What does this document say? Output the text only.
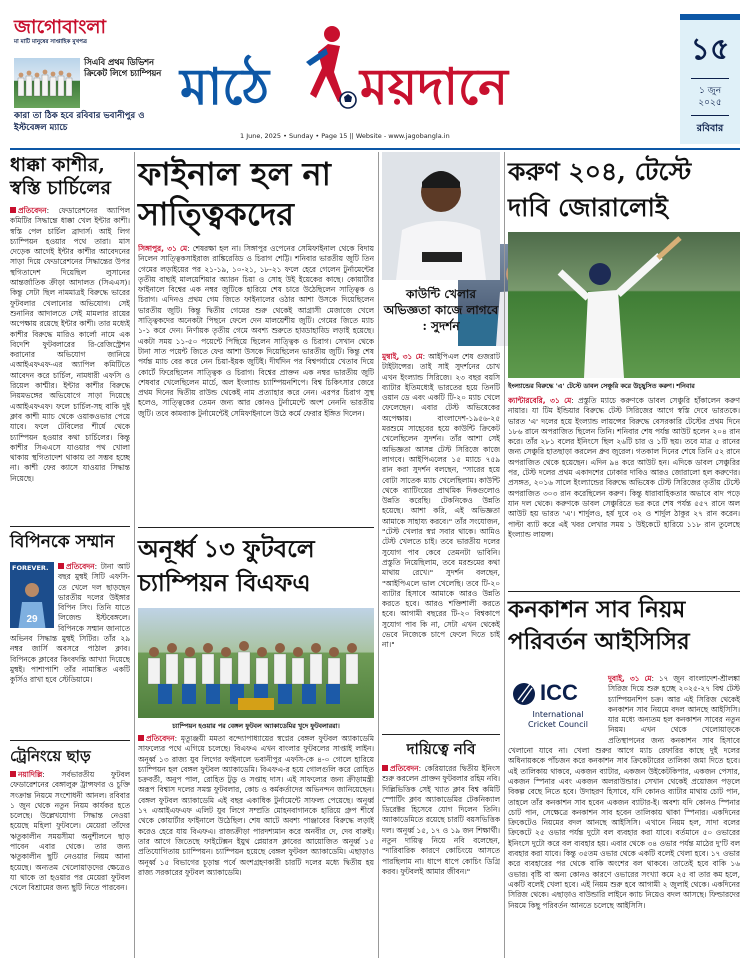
জাগোবাংলা
মা মাটি মানুষের সাপ্তাহিক মুখপত্র
সিএবি প্রথম ডিভিশন ক্রিকেট লিগে চ্যাম্পিয়ন
কারা তা ঠিক হবে রবিবার ভবানীপুর ও ইস্টবেঙ্গল ম্যাচে
মাঠে ময়দানে
1 June, 2025 • Sunday • Page 15 || Website - www.jagobangla.in
১৫
১ জুন ২০২৫
রবিবার
ধাক্কা কাশীর, স্বস্তি চার্চিলের
প্রতিবেদন: ফেডারেশনের অ্যাপিল কমিটির সিদ্ধান্তে ধাক্কা খেল ইন্টার কাশী। স্বস্তি পেল চার্চিল ব্রাদার্স। আই লিগ চ্যাম্পিয়ন হওয়ার পথে তারা। মাস দেড়েক আগেই ইন্টার কাশীর আবেদনের সাড়া দিয়ে ফেডারেশনের সিদ্ধান্তের উপর স্থগিতাদেশ দিয়েছিল লুসানের আন্তর্জাতিক ক্রীড়া আদালত (সিএএস)। কিন্তু সেটা ছিল নামমাত্রই বিরুদ্ধে ভারের ফুটবলার খেলানোর অভিযোগ। সেই শুনানির আদালতে সেই মামলার রায়ের অপেক্ষায় রয়েছে ইন্টার কাশী। তার মধ্যেই কাশীর বিরুদ্ধে মারিও কার্লো নামে এক বিদেশি ফুটবলারের রি-রেজিস্ট্রেশন করানোর অভিযোগ জানিয়ে এআইএফএফ-এর অ্যাপিল কমিটিতে আবেদন করে চার্চিল, নামধারী এফসি ও রিয়েল কাশ্মীর। ইন্টার কাশীর বিরুদ্ধে নিয়মভঙ্গের অভিযোগে সাড়া দিয়েছে এআইএফএফ। ফলে চার্চিল-সহ বাকি দুই ক্লাব কাশী ম্যাচ থেকে ওয়াকওভার পেয়ে যাবে। ফলে টেবিলের শীর্ষে থেকে চ্যাম্পিয়ন হওয়ার কথা চার্চিলের। কিন্তু কাশীর সিএএসে যাওয়ার পথ খোলা থাকায় স্থগিতাদেশ থাকায় তা সম্ভব হচ্ছে না। কাশী ফের ক্যাসে যাওয়ার সিদ্ধান্ত নিয়েছে।
বিপিনকে সম্মান
FOREVER.
29
প্রতিবেদন: টানা আট বছর মুম্বই সিটি এফসি-তে খেলে দল ছাড়ছেন ভারতীয় দলের উইঙ্গার বিপিন সিং। তিনি যাতে লিজেন্ড ইস্টবেঙ্গলে। বিপিনকে সম্মান জানাতে অভিনব সিদ্ধান্ত মুম্বই সিটির। তাঁর ২৯ নম্বর জার্সি অবসরে পাঠাল ক্লাব। বিপিনকে ক্লাবের কিংবদন্তি আখ্যা দিয়েছে মুম্বই। পাশাপাশি তাঁর নামাঙ্কিত একটি কুর্সিও রাখা হবে স্টেডিয়ামে।
ট্রেনিংয়ে ছাড়
নয়াদিল্লি: সর্বভারতীয় ফুটবল ফেডারেশনের বেঙ্গালুরু ট্রান্সফার ও চুক্তি সংক্রান্ত নিয়মে সংশোধনী আনল। রবিবার ১ জুন থেকে নতুন নিয়ম কার্যকর হতে চলেছে। উল্লেখযোগ্য সিদ্ধান্ত নেওয়া হয়েছে মহিলা ফুটবলে। মেয়েরা তাঁদের ঋতুকালীন সময়সীমা অনুশীলনে ছাড় পাবেন এবার থেকে। তার জন্য ঋতুকালীন ছুটি নেওয়ার নিয়ম আনা হয়েছে। অন্যতম খেলোয়াড়দের ক্ষেত্রেও যা থাকে তা হওয়ার পর মেয়েরা ফুটবল খেলে বিশ্রামের জন্য ছুটি নিতে পারবেন।
ফাইনাল হল না সাত্ত্বিকদের
সিঙ্গাপুর, ৩১ মে: শেষরক্ষা হল না। সিঙ্গাপুর ওপেনের সেমিফাইনাল থেকে বিদায় নিলেন সাত্ত্বিকসাইরাজ রাঙ্কিরেড্ডি ও চিরাগ শেট্টি। শনিবার ভারতীয় জুটি তিন গেমের লড়াইয়ের পর ২১-১৯, ১০-২১, ১৮-২১ ফলে হেরে গেলেন টুর্নামেন্টের তৃতীয় বাছাই মালয়েশিয়ার অ্যারন চিয়া ও সোহ উই ইয়েকের কাছে। কোয়ার্টার ফাইনালে বিশ্বের এক নম্বর জুটিকে হারিয়ে শেষ চারে উঠেছিলেন সাত্ত্বিক ও চিরাগ। এদিনও প্রথম গেম জিতে ফাইনালের ওঠার আশা উসকে দিয়েছিলেন ভারতীয় জুটি। কিন্তু দ্বিতীয় গেমের শুরু থেকেই আগ্রাসী মেজাজে খেলে সাত্ত্বিকদের অনেকটা পিছনে ফেলে দেন মালয়েশীয় জুটি। গেমের জিতে ম্যাচ ১-১ করে দেন। নির্ণায়ক তৃতীয় গেমে অবশ্য শুরুতে হাড্ডাহাড্ডি লড়াই হয়েছে। একটা সময় ১১-৫০ পয়েন্টে পিছিয়ে ছিলেন সাত্ত্বিক ও চিরাগ। সেখান থেকে টানা সাত পয়েন্ট জিতে ফের আশা উসকে দিয়েছিলেন ভারতীয় জুটি। কিন্তু শেষ পর্যন্ত ম্যাচ বের করে নেন চিয়া-ইয়ক জুটিই। দীর্ঘদিন পর বিশ্বপর্যায়ে খেতাব দিয়ে কোর্টে ফিরেছিলেন সাত্ত্বিক ও চিরাগ। বিশ্বের প্রাক্তন এক নম্বর ভারতীয় জুটি শেষবার খেলেছিলেন মার্চে, অল ইংল্যান্ড চ্যাম্পিয়নশিপে। বিশ্ব চিকিৎসার জেরে প্রথম দিনের দ্বিতীয় রাউন্ড থেকেই নাম প্রত্যাহার করে নেন। এরপর চিরাগ সুস্থ হলেও, সাত্ত্বিকের তেমন জন্য আর কোনও টুর্নামেন্টে অংশ নেননি ভারতীয় জুটি। তবে কামব্যাক টুর্নামেন্টেই সেমিফাইনালে উঠে কর্মে ফেরার ইঙ্গিত দিলেন।
কাউন্টি খেলার অভিজ্ঞতা কাজে লাগবে : সুদর্শন
মুম্বাই, ৩১ মে: আইপিএল শেষ গুজরাট টাইটান্সের। তাই সাই সুদর্শনের চোখ এখন ইংল্যান্ড সিরিজে। ২৩ বছর বয়সি ব্যাটার ইতিমধ্যেই ভারতের হয়ে তিনটি ওয়ান ডে এবং একটি টি-২০ ম্যাচ খেলে ফেলেছেন। এবার টেস্ট অভিষেকের অপেক্ষায়। বাংলাদেশ-১৯৫৬-২৫ মরশুমে সাহেবের হয়ে কাউন্টি ক্রিকেট খেলেছিলেন সুদর্শন। তাঁর আশা সেই অভিজ্ঞতা আসন্ন টেস্ট সিরিজে কাজে লাগবে। আইপিএলের ১৫ ম্যাচে ৭৫৯ রান করা সুদর্শন বলছেন, "সারের হয়ে বোটা সাতেক ম্যাচ খেলেছিলাম। কাউন্টি থেকে ব্যাটিংয়ের প্রাথমিক দিকগুলোও উন্নতি করেছি। টেকনিকেও উন্নতি হয়েছে। আশা করি, এই অভিজ্ঞতা আমাকে সাহায্য করবে।" তাঁর সংযোজন, "টেস্ট খেলার স্বপ্ন সবার থাকে। আমিও টেস্ট খেলতে চাই। তবে ভারতীয় দলের সুযোগ পাব কেবে তেমনটা ভাবিনি। প্রস্তুতি নিয়েছিলাম, তবে মরশুমের কথা মাথায় রেখে।" সুদর্শন বলছেন, "আইপিএলে ভাল খেলেছি। তবে টি-২০ ব্যাটার হিসাবে আমাকে আরও উন্নতি করতে হবে। আরও শক্তিশালী করতে হবে। আগামী বছরের টি-২০ বিশ্বকাপে সুযোগ পাব কি না, সেটা এখন থেকেই ভেবে নিজেকে চাপে ফেলে দিতে চাই না।"
দায়িত্বে নবি
প্রতিবেদন: কেরিয়ারের দ্বিতীয় ইনিংস শুরু করলেন প্রাক্তন ফুটবলার রহিম নবি। দিল্লিভিত্তিক সেই খ্যাত ক্লাব বিশ্ব কমিটি স্পোর্টিং ক্লাব অ্যাকাডেমির টেকনিক্যাল ডিরেক্টর হিসেবে যোগ দিলেন তিনি। অ্যাকাডেমিতে রয়েছে চারটি বয়সভিত্তিক দল। অনূর্ধ্ব ১৫, ১৭ ও ১৯ জন শিক্ষার্থী। নতুন দায়িত্ব নিয়ে নবি বলেছেন, "দারিবারিক কারণে কোচিংয়ে আসতে পারছিলাম না। ধাপে ধাপে কোচিং ডিগ্রি করব। ফুটবলই আমার জীবন।"
অনূর্ধ্ব ১৩ ফুটবলে চ্যাম্পিয়ন বিএফএ
চ্যাম্পিয়ন হওয়ার পর বেঙ্গল ফুটবল অ্যাকাডেমির খুদে ফুটবলাররা।
প্রতিবেদন: মৃত্যুঞ্জয়ী মমতা বন্দ্যোপাধ্যায়ের স্বপ্নের বেঙ্গল ফুটবল অ্যাকাডেমি সাফল্যের পথে এগিয়ে চলেছে। বিএফএ এখন বাংলার ফুটবলের সাপ্তাই লাইন। অনূর্ধ্ব ১৩ রাজ্য যুব লিগের ফাইনালে ভবানীপুর এফসি-কে ৪-০ গোলে হারিয়ে চ্যাম্পিয়ন হল বেঙ্গল ফুটবল অ্যাকাডেমি। বিএফএ-র হয়ে গোলগুলি করে রোহিত চক্রবর্তী, অনুপ পাল, রোহিত টুডু ও সপ্তাহ দাস। এই সাফল্যের জন্য ক্রীড়ামন্ত্রী অরূপ বিশ্বাস দলের সমস্ত ফুটবলার, কোচ ও কর্মকর্তাদের অভিনন্দন জানিয়েছেন। বেঙ্গল ফুটবল অ্যাকাডেমি এই বছর একাধিক টুর্নামেন্টে সাফল্য পেয়েছে। অনূর্ধ্ব ১৭ এআইএফএফ এলিট যুব লিগে সম্প্রতি মোহনবাগানকে হারিয়ে গ্রুপ শীর্ষে থেকে কোয়ার্টার ফাইনালে উঠেছিল। শেষ আটে অবশ্য পাঞ্জাবের বিরুদ্ধে লড়াই করেও হেরে যায় বিএফএ। রাজ্যক্রীড়া পারদশ্যমান করে অনবীর দে, দেব বারুই। তার আগে জিতেছে ফাইটেক্সন ইয়ুথ প্লেয়ারস ক্লাবের আয়োজিত অনূর্ধ্ব ১৫ প্রতিযোগিতায় চ্যাম্পিয়ন। চ্যাম্পিয়ন হয়েছে বেঙ্গল ফুটবল অ্যাকাডেমি। এছাড়াও অনূর্ধ্ব ১৫ বিভাগের চূড়ান্ত পর্বে অংশগ্রহণকারী চারটি দলের মধ্যে দ্বিতীয় হয় রাজ্য সরকারের ফুটবল অ্যাকাডেমি।
করুণ ২০৪, টেস্টে দাবি জোরালোই
ইংল্যান্ডের বিরুদ্ধে 'এ' টেস্টে ডাবল সেঞ্চুরি করে উচ্ছ্বসিত করুণ। শনিবার
ক্যান্টারবেরি, ৩১ মে: প্রস্তুতি ম্যাচে করুণকে ডাবল সেঞ্চুরি হাঁকালেন করুণ নায়ার। যা টিম ইন্ডিয়ার বিরুদ্ধে টেস্ট সিরিজের আগে স্বস্তি দেবে ভারতকে। ভারত 'এ' দলের হয়ে ইংল্যান্ড লায়ন্সের বিরুদ্ধে বেসরকারি টেস্টের প্রথম দিনে ১৮৬ রানে অপরাজিত ছিলেন তিনি। শনিবার শেষ পর্যন্ত আউট হলেন ২০৪ রান করে। তাঁর ২৮১ বলের ইনিংসে ছিল ২৬টি চার ও ১টি ছয়। তবে মাত্র ৫ রানের জন্য সেঞ্চুরি হাতছাড়া করলেন ধ্রুব জুরেল। গতকাল দিনের শেষে তিনি ৫২ রানে অপরাজিত থেকে হয়েছেন। এদিন ৯৪ করে আউট হন। এদিকে ডাবল সেঞ্চুরির পর, টেস্ট দলের প্রথম একাদশের ঢোকার দাবিও আরও জোরালো হল করুণের। প্রসঙ্গত, ২০১৬ সালে ইংল্যান্ডের বিরুদ্ধে অভিষেক টেস্ট সিরিজের তৃতীয় টেস্টে অপরাজিত ৩০৩ রান করেছিলেন করুণ। কিন্তু ধারাবাহিকতার অভাবে বাদ পড়ে যান দল থেকে। করুণকে ডাবল সেঞ্চুরিতে ভর করে শেষ পর্যন্ত ৫৫৭ রানে অল আউট হয় ভারত 'এ'। শার্দুলও, হর্ষ দুবে ৩২ ও শার্দুল ঠাকুর ২৭ রান করেন। পাল্টা ব্যাট করে এই খবর লেখার সময় ১ উইকেটে হারিয়ে ১১৮ রান তুলেছে ইংল্যান্ড লায়ন্স।
কনকাশন সাব নিয়ম পরিবর্তন আইসিসির
ICC
International
Cricket Council
দুবাই, ৩১ মে: ১৭ জুন বাংলাদেশ-শ্রীলঙ্কা সিরিজ দিয়ে শুরু হচ্ছে ২০২৫-২৭ বিশ্ব টেস্ট চ্যাম্পিয়নশিপ চক্র। আর এই সিরিজ থেকেই কনকাশন সাব নিয়মে বদল আনছে আইসিসি। যার মধ্যে অন্যতম হল কনকাশন সাবের নতুন নিয়ম। এখন থেকে খেলোয়াড়কে প্রতিস্থাপনের জন্য কনকাশন সাব হিসাবে খেলানো যাবে না। খেলা শুরুর আগে ম্যাচ রেফারির কাছে দুই দলের অধিনায়ককে পাঁচজন করে কনকাশন সাব ক্রিকেটারের তালিকা জমা দিতে হবে। এই তালিকায় থাকবে, একজন ব্যাটার, একজন উইকেটকিপার, একজন পেসার, একজন স্পিনার এবং একজন অলরাউন্ডার। সেখান থেকেই প্রয়োজন পড়লে বিকল্প বেছে নিতে হবে। উদাহরণ হিসাবে, যদি কোনও ব্যাটার মাথায় চোট পান, তাহলে তাঁর কনকাশন সাব হবেন একজন ব্যাটার-ই। অবশ্য যদি কোনও স্পিনার চোট পান, সেক্ষেত্রে কনকাশন সাব হবেন তালিকায় থাকা স্পিনার। একদিনের ক্রিকেটেও নিয়মের বদল আনছে আইসিসি। এখানে নিয়ম হল, সাদা বলের ক্রিকেটে ২৫ ওভার পর্যন্ত দুটো বল ব্যবহার করা যাবে। বর্তমানে ৫০ ওভারের ইনিংসে দুটো করে বল ব্যবহার হয়। এবার থেকে ৩৪ ওভার পর্যন্ত মাঠের দু'টি বল ব্যবহার করা যাবে। কিন্তু ৩৫তম ওভার থেকে একটি বলেই খেলা হবে। ১৭ ওভার করে ব্যবহারের পর থেকে বাকি অংশের বল থাকবে। তাতেই হবে বাকি ১৬ ওভার। বৃষ্টি বা অন্য কোনও কারণে ওভারের সংখ্যা কমে ২৫ বা তার কম হলে, একটি বলেই খেলা হবে। এই নিয়ম শুরু হবে আগামী ২ জুলাই থেকে। একদিনের সিরিজ থেকে। এছাড়াও বাউন্ডারি লাইনে ক্যাচ নিয়েও বদল আসছে। ফিল্ডারদের নিয়মে কিছু পরিবর্তন আনতে চলেছে আইসিসি।
